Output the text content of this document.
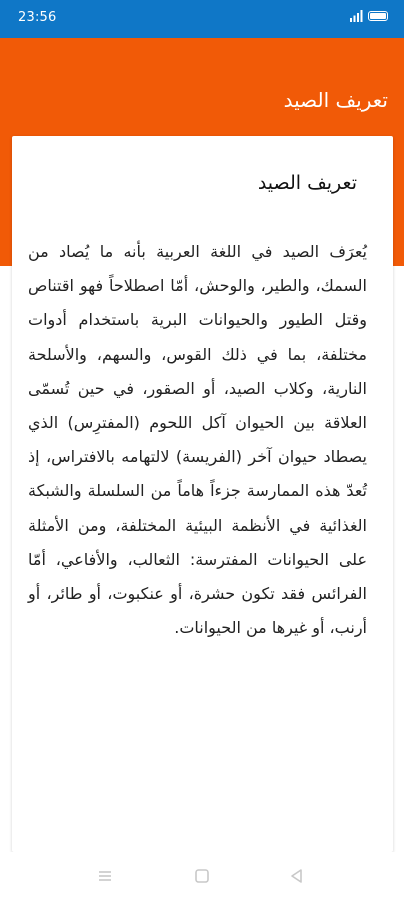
23:56
تعريف الصيد
تعريف الصيد

يُعرَف الصيد في اللغة العربية بأنه ما يُصاد من السمك، والطير، والوحش، أمّا اصطلاحاً فهو اقتناص وقتل الطيور والحيوانات البرية باستخدام أدوات مختلفة، بما في ذلك القوس، والسهم، والأسلحة النارية، وكلاب الصيد، أو الصقور، في حين تُسمّى العلاقة بين الحيوان آكل اللحوم (المفترِس) الذي يصطاد حيوان آخر (الفريسة) لالتهامه بالافتراس، إذ تُعدّ هذه الممارسة جزءاً هاماً من السلسلة والشبكة الغذائية في الأنظمة البيئية المختلفة، ومن الأمثلة على الحيوانات المفترسة: الثعالب، والأفاعي، أمّا الفرائس فقد تكون حشرة، أو عنكبوت، أو طائر، أو أرنب، أو غيرها من الحيوانات.
